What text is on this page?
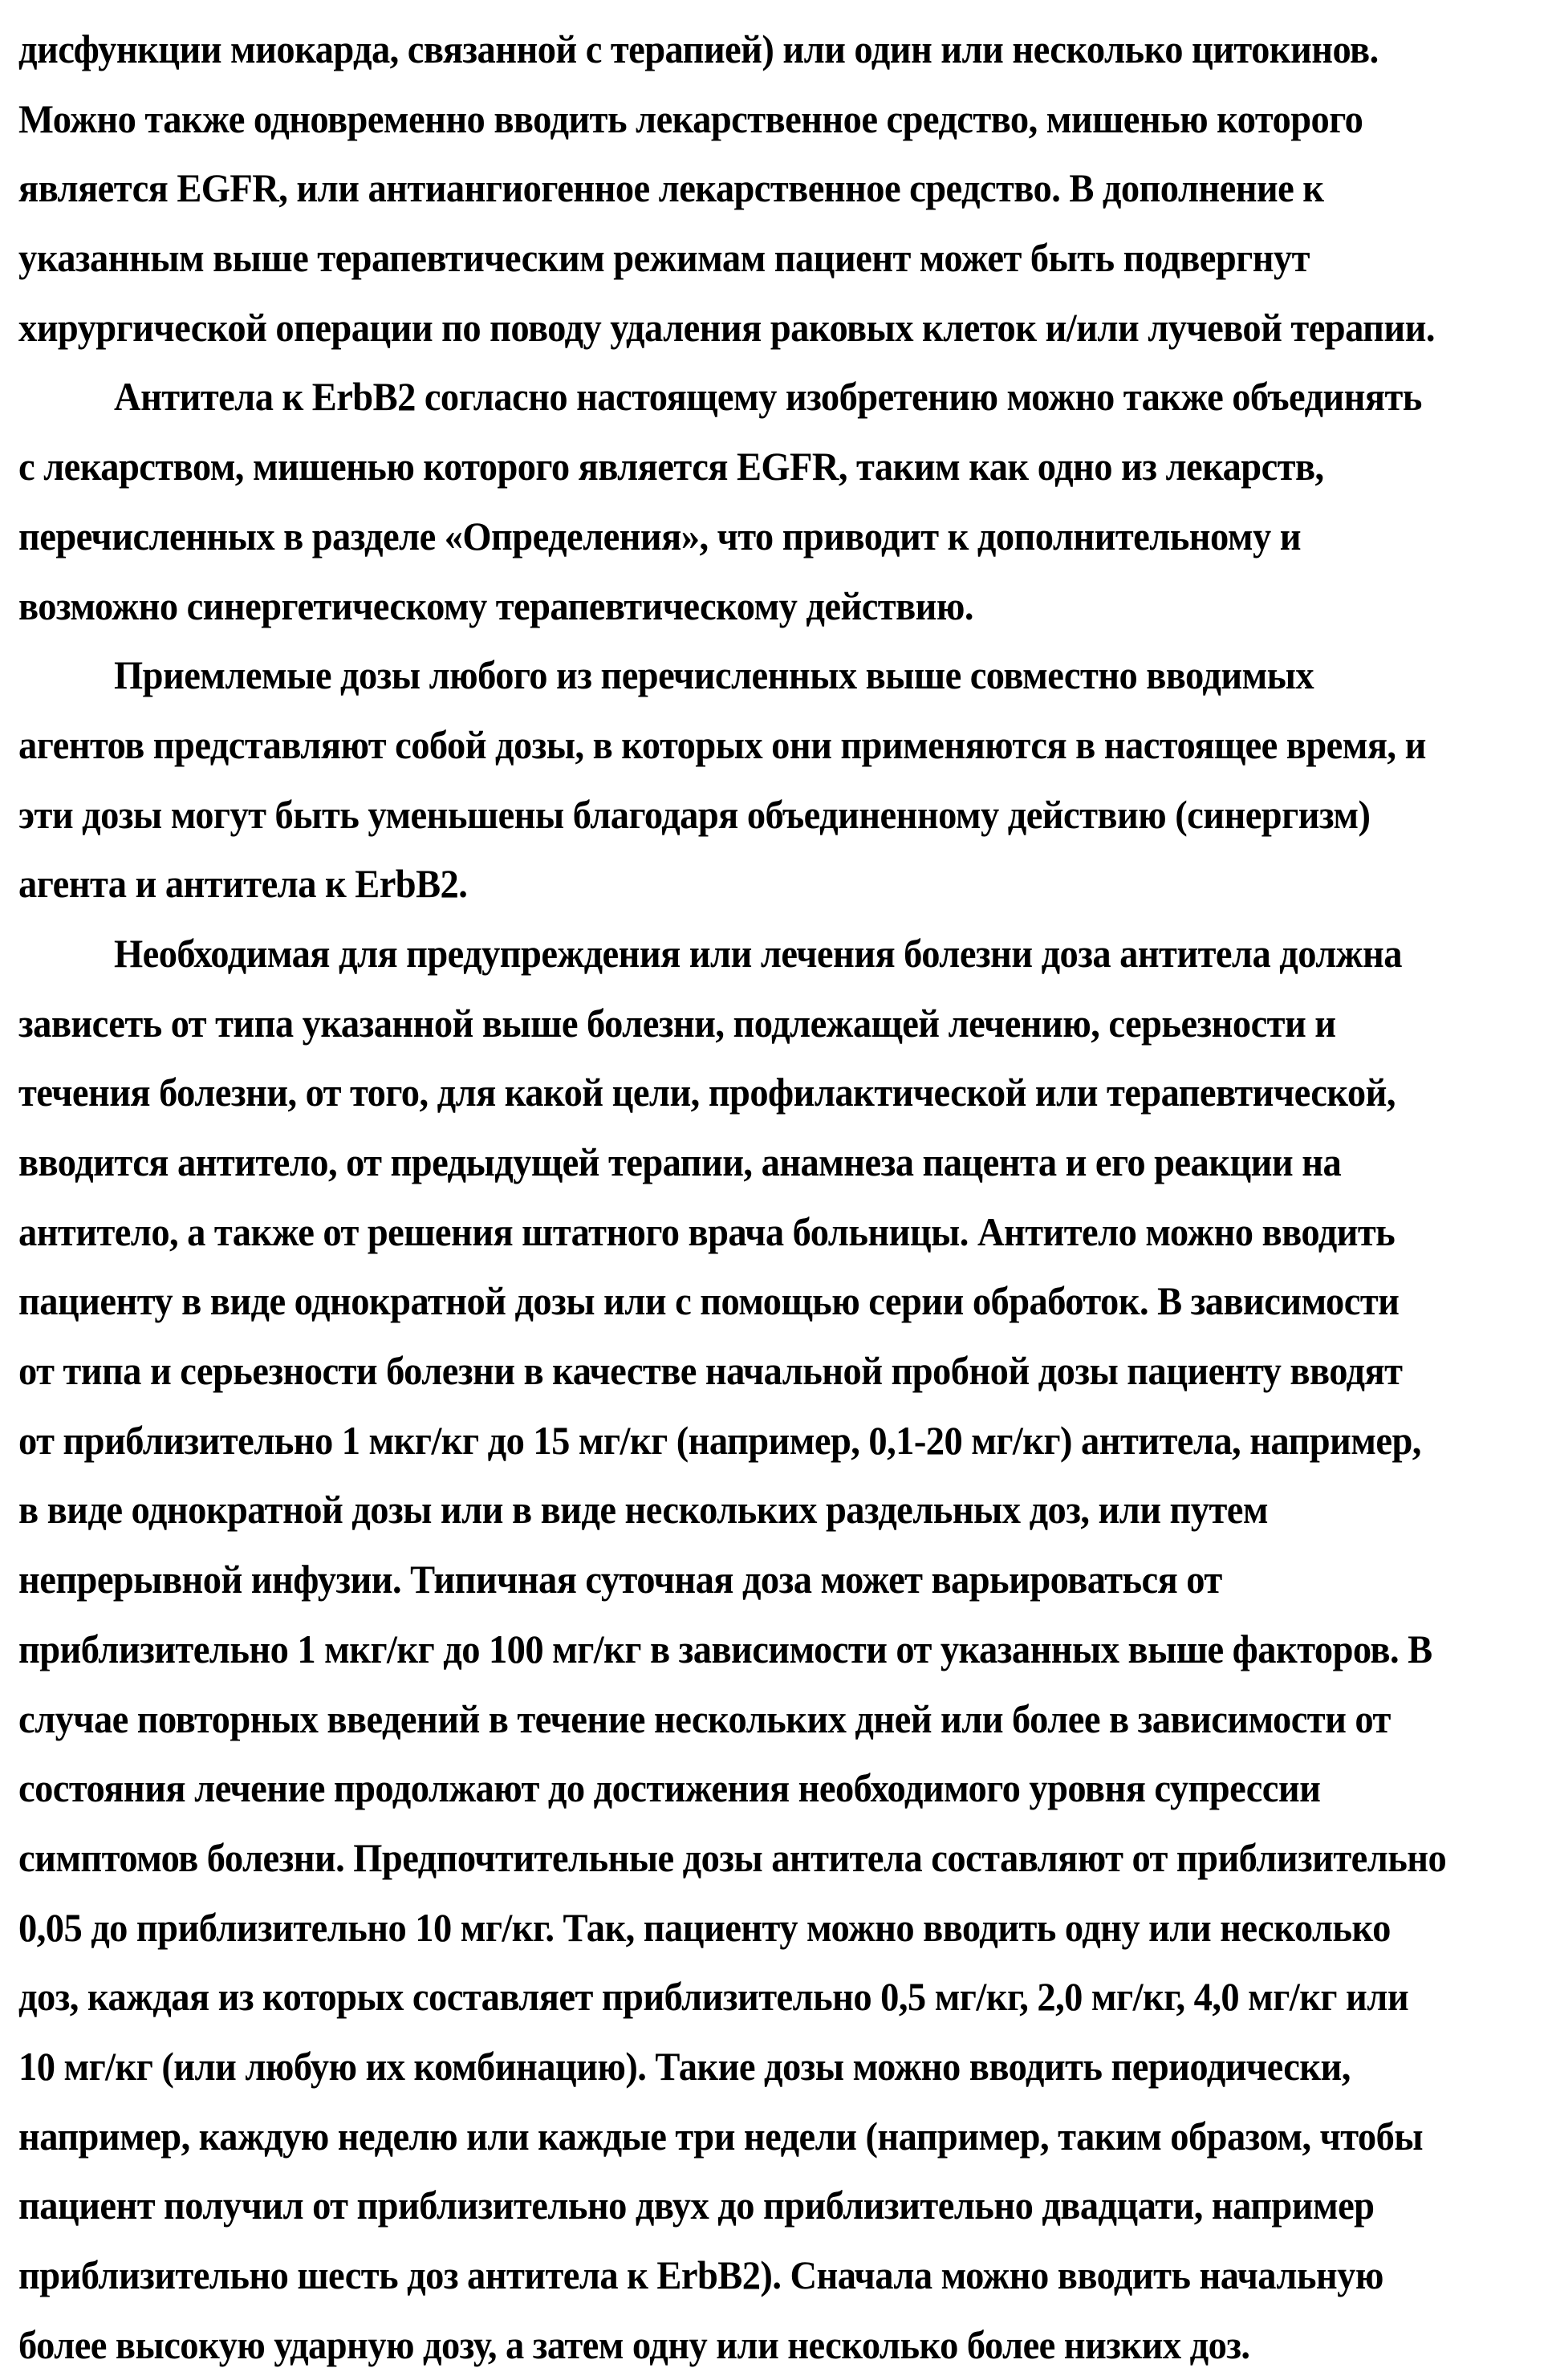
дисфункции миокарда, связанной с терапией) или один или несколько цитокинов.
Можно также одновременно вводить лекарственное средство, мишенью которого
является EGFR, или антиангиогенное лекарственное средство. В дополнение к
указанным выше терапевтическим режимам пациент может быть подвергнут
хирургической операции по поводу удаления раковых клеток и/или лучевой терапии.
Антитела к ErbB2 согласно настоящему изобретению можно также объединять
с лекарством, мишенью которого является EGFR, таким как одно из лекарств,
перечисленных в разделе «Определения», что приводит к дополнительному и
возможно синергетическому терапевтическому действию.
Приемлемые дозы любого из перечисленных выше совместно вводимых
агентов представляют собой дозы, в которых они применяются в настоящее время, и
эти дозы могут быть уменьшены благодаря объединенному действию (синергизм)
агента и антитела к ErbB2.
Необходимая для предупреждения или лечения болезни доза антитела должна
зависеть от типа указанной выше болезни, подлежащей лечению, серьезности и
течения болезни, от того, для какой цели, профилактической или терапевтической,
вводится антитело, от предыдущей терапии, анамнеза пацента и его реакции на
антитело, а также от решения штатного врача больницы. Антитело можно вводить
пациенту в виде однократной дозы или с помощью серии обработок. В зависимости
от типа и серьезности болезни в качестве начальной пробной дозы пациенту вводят
от приблизительно 1 мкг/кг до 15 мг/кг (например, 0,1-20 мг/кг) антитела, например,
в виде однократной дозы или в виде нескольких раздельных доз, или путем
непрерывной инфузии. Типичная суточная доза может варьироваться от
приблизительно 1 мкг/кг до 100 мг/кг в зависимости от указанных выше факторов. В
случае повторных введений в течение нескольких дней или более в зависимости от
состояния лечение продолжают до достижения необходимого уровня супрессии
симптомов болезни. Предпочтительные дозы антитела составляют от приблизительно
0,05 до приблизительно 10 мг/кг. Так, пациенту можно вводить одну или несколько
доз, каждая из которых составляет приблизительно 0,5 мг/кг, 2,0 мг/кг, 4,0 мг/кг или
10 мг/кг (или любую их комбинацию). Такие дозы можно вводить периодически,
например, каждую неделю или каждые три недели (например, таким образом, чтобы
пациент получил от приблизительно двух до приблизительно двадцати, например
приблизительно шесть доз антитела к ErbB2). Сначала можно вводить начальную
более высокую ударную дозу, а затем одну или несколько более низких доз.
